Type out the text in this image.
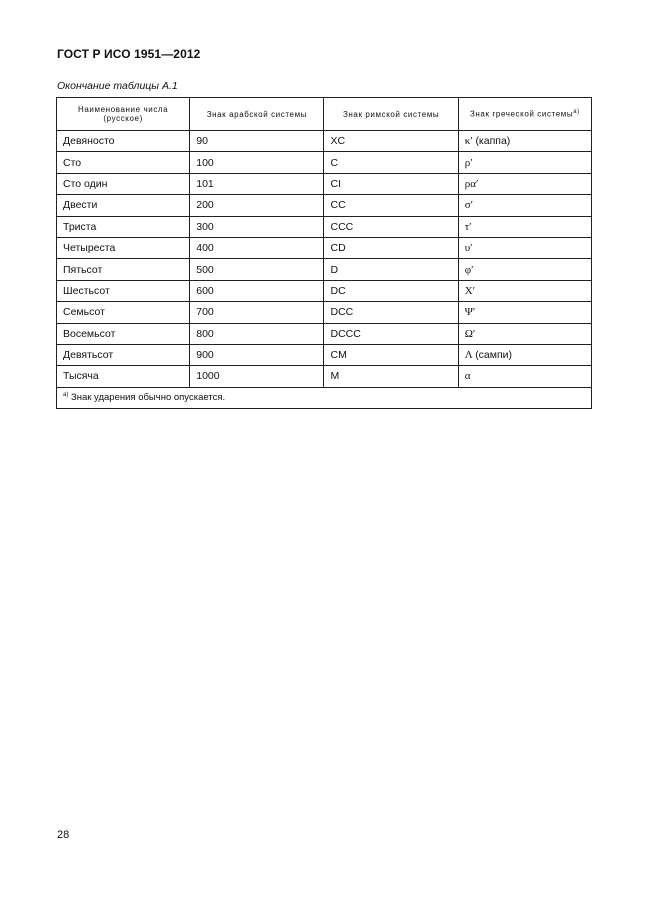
ГОСТ Р ИСО 1951—2012
Окончание таблицы А.1
Наименование числа (русское)	Знак арабской системы	Знак римской системы	Знак греческой системы$^{а)}$
Девяносто	90	XC	κʹ (каппа)
Сто	100	C	ρʹ
Сто один	101	CI	ραʹ
Двести	200	CC	σʹ
Триста	300	CCC	τʹ
Четыреста	400	CD	υʹ
Пятьсот	500	D	φʹ
Шестьсот	600	DC	Χʹ
Семьсот	700	DCC	Ψʹ
Восемьсот	800	DCCC	Ωʹ
Девятьсот	900	CM	Λ (сампи)
Тысяча	1000	M	α
$^{а)}$ Знак ударения обычно опускается.			
28
